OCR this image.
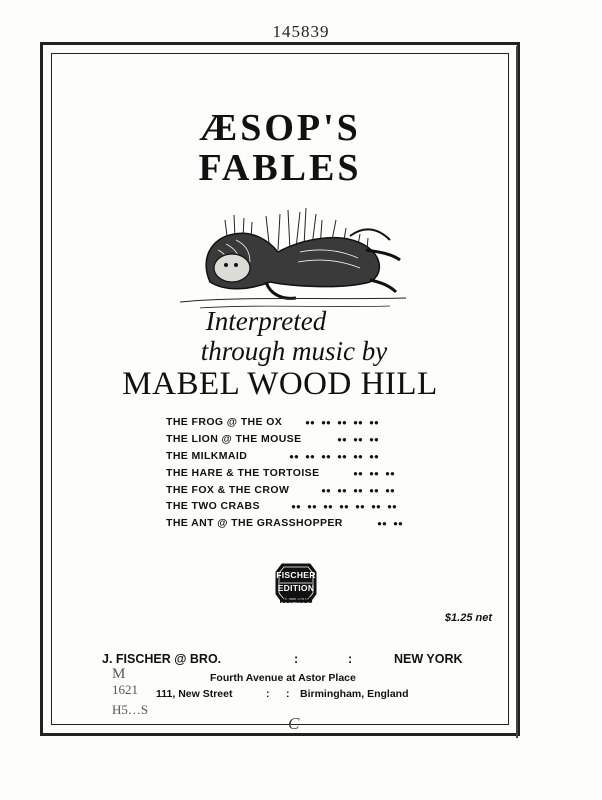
145839
ÆSOP'S
FABLES
Interpreted
through music by
MABEL WOOD HILL
THE FROG @ THE OX	●● ●● ●● ●● ●●
THE LION @ THE MOUSE	●● ●● ●●
THE MILKMAID	●● ●● ●● ●● ●● ●●
THE HARE & THE TORTOISE	●● ●● ●●
THE FOX & THE CROW	●● ●● ●● ●● ●●
THE TWO CRABS	●● ●● ●● ●● ●● ●● ●●
THE ANT @ THE GRASSHOPPER	●● ●●
FISCHER
EDITION
No. 4586
$1.25 net
J. FISCHER @ BRO.	:	:	NEW YORK
Fourth Avenue at Astor Place
111, New Street	: : Birmingham, England
M
1621
H5…S
C
